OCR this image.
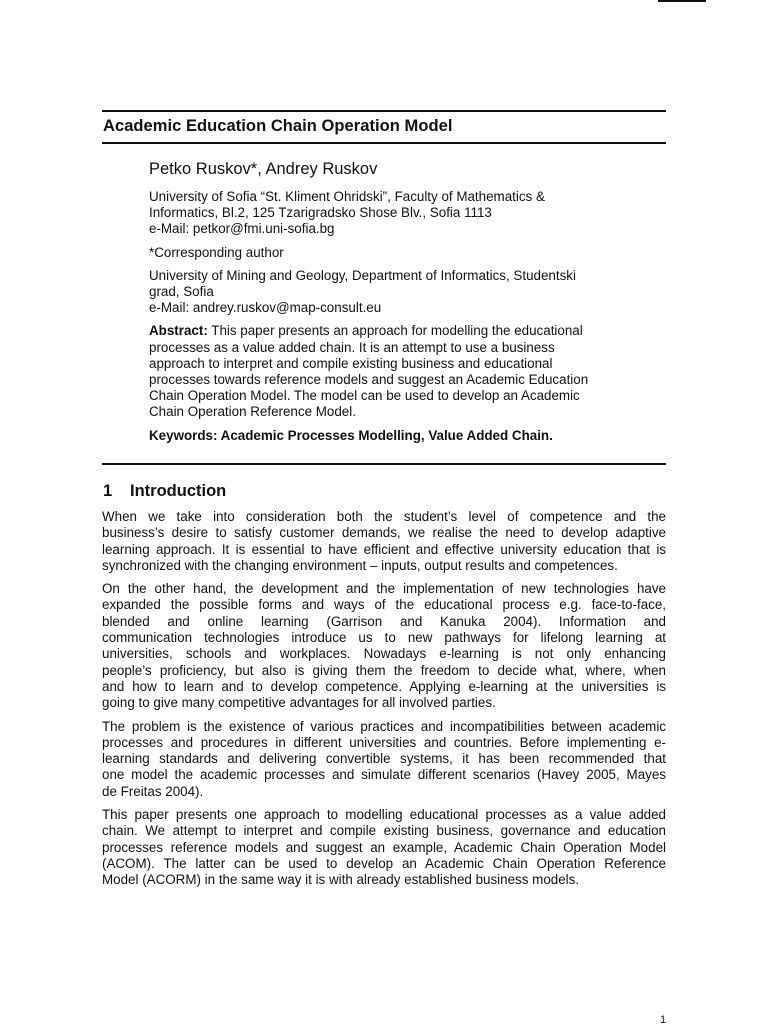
Academic Education Chain Operation Model
Petko Ruskov*, Andrey Ruskov
University of Sofia “St. Kliment Ohridski”, Faculty of Mathematics &
Informatics, Bl.2, 125 Tzarigradsko Shose Blv., Sofia 1113
e-Mail: petkor@fmi.uni-sofia.bg
*Corresponding author
University of Mining and Geology, Department of Informatics, Studentski
grad, Sofia
e-Mail: andrey.ruskov@map-consult.eu
Abstract: This paper presents an approach for modelling the educational
processes as a value added chain. It is an attempt to use a business
approach to interpret and compile existing business and educational
processes towards reference models and suggest an Academic Education
Chain Operation Model. The model can be used to develop an Academic
Chain Operation Reference Model.
Keywords: Academic Processes Modelling, Value Added Chain.
1 Introduction

When we take into consideration both the student’s level of competence and the
business’s desire to satisfy customer demands, we realise the need to develop adaptive
learning approach. It is essential to have efficient and effective university education that is
synchronized with the changing environment – inputs, output results and competences.

On the other hand, the development and the implementation of new technologies have
expanded the possible forms and ways of the educational process e.g. face-to-face,
blended and online learning (Garrison and Kanuka 2004). Information and
communication technologies introduce us to new pathways for lifelong learning at
universities, schools and workplaces. Nowadays e-learning is not only enhancing
people’s proficiency, but also is giving them the freedom to decide what, where, when
and how to learn and to develop competence. Applying e-learning at the universities is
going to give many competitive advantages for all involved parties.

The problem is the existence of various practices and incompatibilities between academic
processes and procedures in different universities and countries. Before implementing e-
learning standards and delivering convertible systems, it has been recommended that
one model the academic processes and simulate different scenarios (Havey 2005, Mayes
de Freitas 2004).

This paper presents one approach to modelling educational processes as a value added
chain. We attempt to interpret and compile existing business, governance and education
processes reference models and suggest an example, Academic Chain Operation Model
(ACOM). The latter can be used to develop an Academic Chain Operation Reference
Model (ACORM) in the same way it is with already established business models.

1
